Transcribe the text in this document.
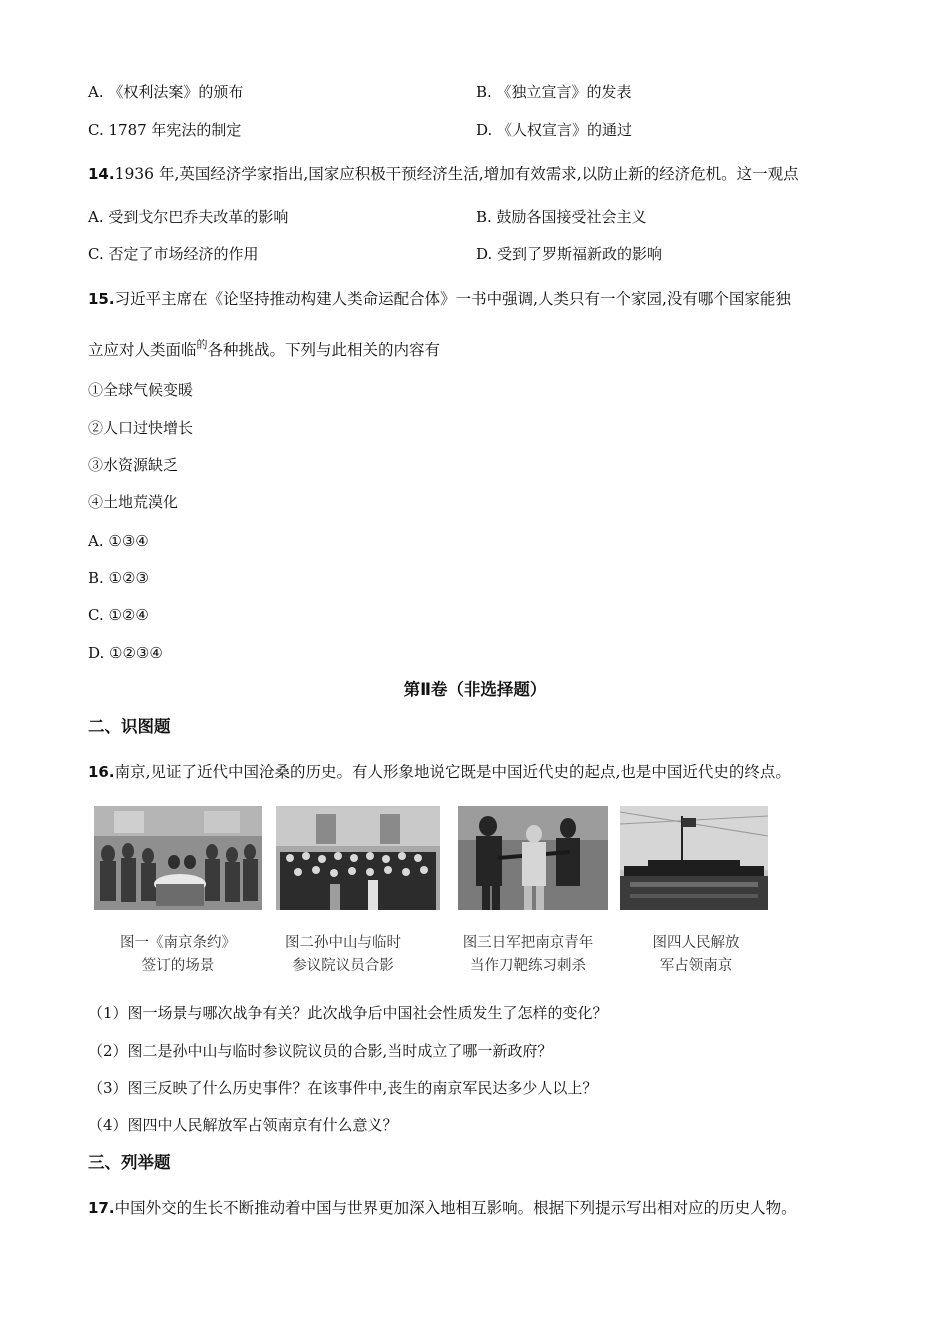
A. 《权利法案》的颁布	B. 《独立宣言》的发表
C. 1787 年宪法的制定	D. 《人权宣言》的通过
14.1936 年,英国经济学家指出,国家应积极干预经济生活,增加有效需求,以防止新的经济危机。这一观点
A. 受到戈尔巴乔夫改革的影响	B. 鼓励各国接受社会主义
C. 否定了市场经济的作用	D. 受到了罗斯福新政的影响
15.习近平主席在《论坚持推动构建人类命运配合体》一书中强调,人类只有一个家园,没有哪个国家能独
立应对人类面临$^的$各种挑战。下列与此相关的内容有
①全球气候变暖
②人口过快增长
③水资源缺乏
④土地荒漠化
A. ①③④
B. ①②③
C. ①②④
D. ①②③④
第Ⅱ卷（非选择题）
二、识图题
16.南京,见证了近代中国沧桑的历史。有人形象地说它既是中国近代史的起点,也是中国近代史的终点。
图一《南京条约》
签订的场景
图二孙中山与临时
参议院议员合影
图三日军把南京青年
当作刀靶练习刺杀
图四人民解放
军占领南京
（1）图一场景与哪次战争有关？此次战争后中国社会性质发生了怎样的变化？
（2）图二是孙中山与临时参议院议员的合影,当时成立了哪一新政府？
（3）图三反映了什么历史事件？在该事件中,丧生的南京军民达多少人以上？
（4）图四中人民解放军占领南京有什么意义？
三、列举题
17.中国外交的生长不断推动着中国与世界更加深入地相互影响。根据下列提示写出相对应的历史人物。
